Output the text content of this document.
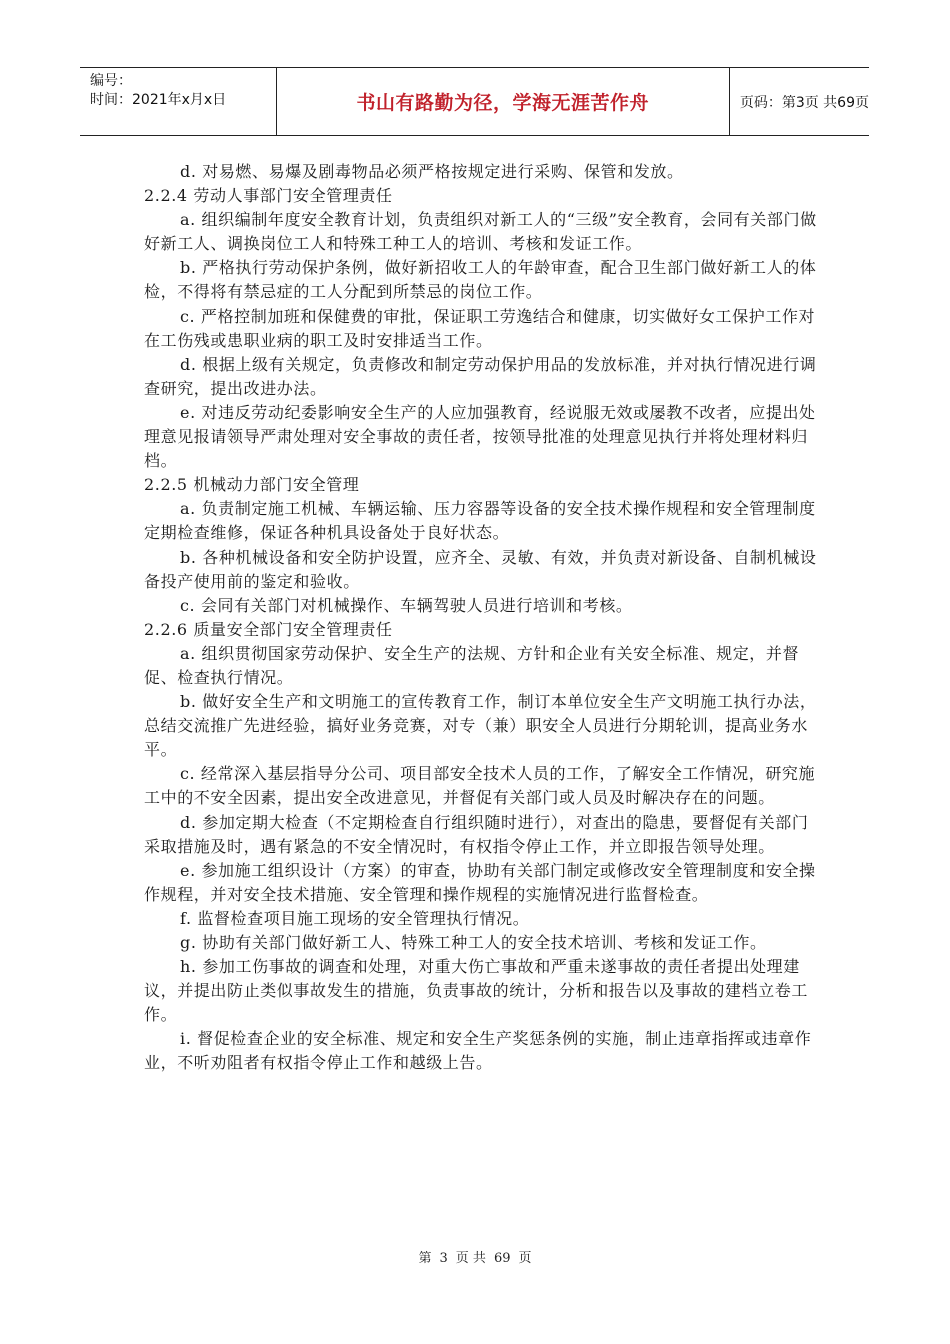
编号：
时间：2021年x月x日	书山有路勤为径，学海无涯苦作舟	页码：第3页 共69页

d. 对易燃、易爆及剧毒物品必须严格按规定进行采购、保管和发放。

2.2.4 劳动人事部门安全管理责任

a. 组织编制年度安全教育计划，负责组织对新工人的“三级”安全教育，会同有关部门做好新工人、调换岗位工人和特殊工种工人的培训、考核和发证工作。

b. 严格执行劳动保护条例，做好新招收工人的年龄审查，配合卫生部门做好新工人的体检，不得将有禁忌症的工人分配到所禁忌的岗位工作。

c. 严格控制加班和保健费的审批，保证职工劳逸结合和健康，切实做好女工保护工作对在工伤残或患职业病的职工及时安排适当工作。

d. 根据上级有关规定，负责修改和制定劳动保护用品的发放标准，并对执行情况进行调查研究，提出改进办法。

e. 对违反劳动纪委影响安全生产的人应加强教育，经说服无效或屡教不改者，应提出处理意见报请领导严肃处理对安全事故的责任者，按领导批准的处理意见执行并将处理材料归档。

2.2.5 机械动力部门安全管理

a. 负责制定施工机械、车辆运输、压力容器等设备的安全技术操作规程和安全管理制度定期检查维修，保证各种机具设备处于良好状态。

b. 各种机械设备和安全防护设置，应齐全、灵敏、有效，并负责对新设备、自制机械设备投产使用前的鉴定和验收。

c. 会同有关部门对机械操作、车辆驾驶人员进行培训和考核。

2.2.6 质量安全部门安全管理责任

a. 组织贯彻国家劳动保护、安全生产的法规、方针和企业有关安全标准、规定，并督促、检查执行情况。

b. 做好安全生产和文明施工的宣传教育工作，制订本单位安全生产文明施工执行办法，总结交流推广先进经验，搞好业务竞赛，对专（兼）职安全人员进行分期轮训，提高业务水平。

c. 经常深入基层指导分公司、项目部安全技术人员的工作，了解安全工作情况，研究施工中的不安全因素，提出安全改进意见，并督促有关部门或人员及时解决存在的问题。

d. 参加定期大检查（不定期检查自行组织随时进行），对查出的隐患，要督促有关部门采取措施及时，遇有紧急的不安全情况时，有权指令停止工作，并立即报告领导处理。

e. 参加施工组织设计（方案）的审查，协助有关部门制定或修改安全管理制度和安全操作规程，并对安全技术措施、安全管理和操作规程的实施情况进行监督检查。

f. 监督检查项目施工现场的安全管理执行情况。

g. 协助有关部门做好新工人、特殊工种工人的安全技术培训、考核和发证工作。

h. 参加工伤事故的调查和处理，对重大伤亡事故和严重未遂事故的责任者提出处理建议，并提出防止类似事故发生的措施，负责事故的统计，分析和报告以及事故的建档立卷工作。

i. 督促检查企业的安全标准、规定和安全生产奖惩条例的实施，制止违章指挥或违章作业，不听劝阻者有权指令停止工作和越级上告。

第 3 页 共 69 页
